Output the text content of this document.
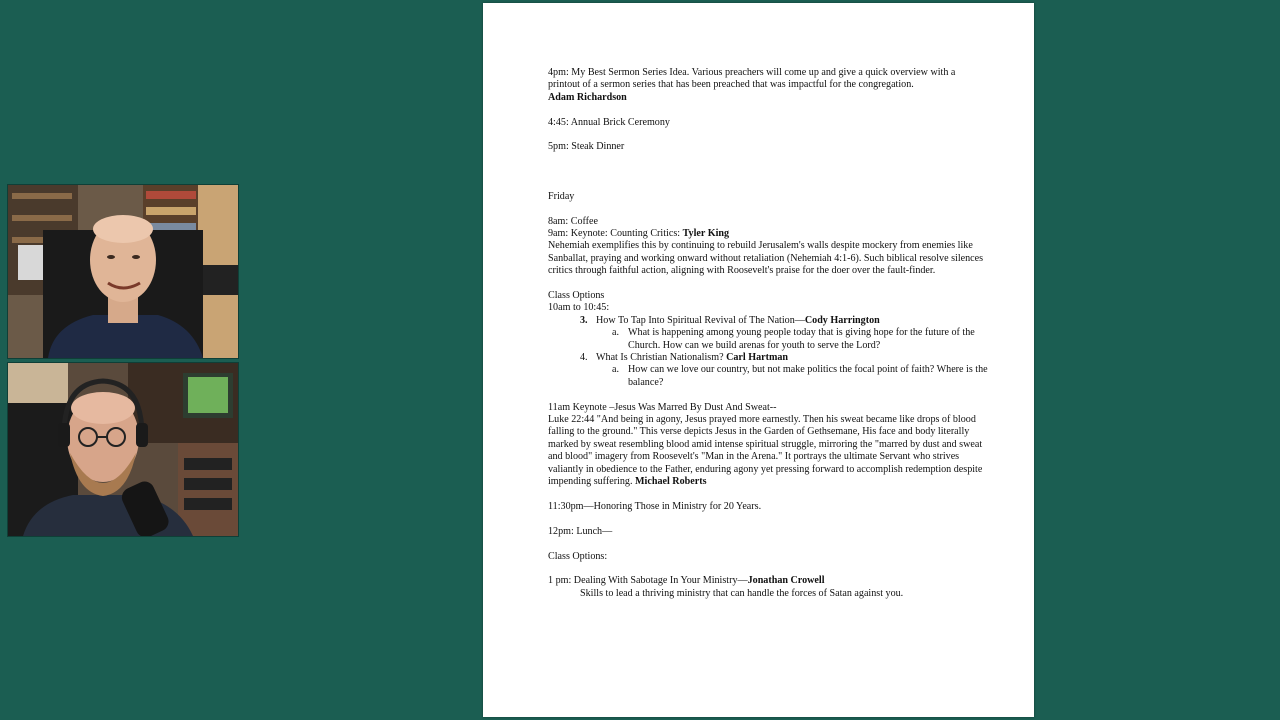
4pm: My Best Sermon Series Idea. Various preachers will come up and give a quick overview with a printout of a sermon series that has been preached that was impactful for the congregation.

Adam Richardson

4:45: Annual Brick Ceremony

5pm: Steak Dinner

Friday

8am: Coffee

9am: Keynote: Counting Critics: Tyler King

Nehemiah exemplifies this by continuing to rebuild Jerusalem's walls despite mockery from enemies like Sanballat, praying and working onward without retaliation (Nehemiah 4:1-6). Such biblical resolve silences critics through faithful action, aligning with Roosevelt's praise for the doer over the fault-finder.

Class Options

10am to 10:45:

3. How To Tap Into Spiritual Revival of The Nation—Cody Harrington
a. What is happening among young people today that is giving hope for the future of the Church. How can we build arenas for youth to serve the Lord?
4. What Is Christian Nationalism? Carl Hartman
a. How can we love our country, but not make politics the focal point of faith? Where is the balance?

11am Keynote –Jesus Was Marred By Dust And Sweat--

Luke 22:44 "And being in agony, Jesus prayed more earnestly. Then his sweat became like drops of blood falling to the ground." This verse depicts Jesus in the Garden of Gethsemane, His face and body literally marked by sweat resembling blood amid intense spiritual struggle, mirroring the "marred by dust and sweat and blood" imagery from Roosevelt's "Man in the Arena." It portrays the ultimate Servant who strives valiantly in obedience to the Father, enduring agony yet pressing forward to accomplish redemption despite impending suffering. Michael Roberts

11:30pm—Honoring Those in Ministry for 20 Years.

12pm: Lunch—

Class Options:

1 pm: Dealing With Sabotage In Your Ministry—Jonathan Crowell

Skills to lead a thriving ministry that can handle the forces of Satan against you.
